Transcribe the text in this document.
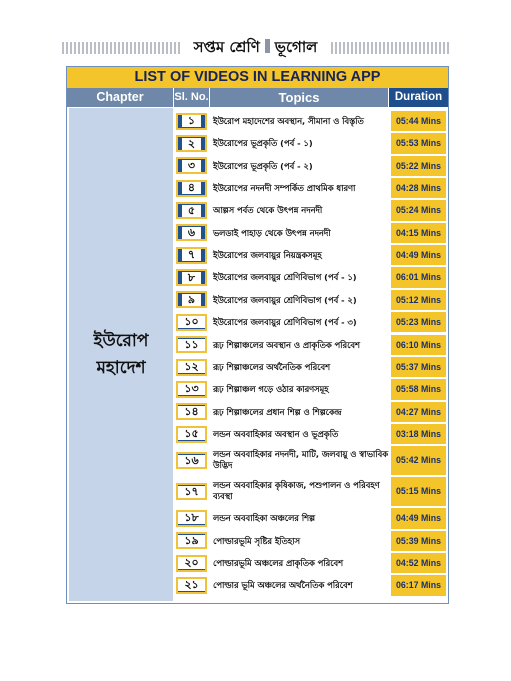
সপ্তম শ্রেণি ভূগোল
LIST OF VIDEOS IN LEARNING APP
Chapter	Sl. No.	Topics	Duration
ইউরোপ
মহাদেশ
১	ইউরোপ মহাদেশের অবস্থান, সীমানা ও বিস্তৃতি	05:44 Mins
২	ইউরোপের ভূপ্রকৃতি (পর্ব - ১)	05:53 Mins
৩	ইউরোপের ভূপ্রকৃতি (পর্ব - ২)	05:22 Mins
৪	ইউরোপের নদনদী সম্পর্কিত প্রাথমিক ধারণা	04:28 Mins
৫	আল্পস পর্বত থেকে উৎপন্ন নদনদী	05:24 Mins
৬	ভলডাই পাহাড় থেকে উৎপন্ন নদনদী	04:15 Mins
৭	ইউরোপের জলবায়ুর নিয়ন্ত্রকসমূহ	04:49 Mins
৮	ইউরোপের জলবায়ুর শ্রেণিবিভাগ (পর্ব - ১)	06:01 Mins
৯	ইউরোপের জলবায়ুর শ্রেণিবিভাগ (পর্ব - ২)	05:12 Mins
১০	ইউরোপের জলবায়ুর শ্রেণিবিভাগ (পর্ব - ৩)	05:23 Mins
১১	রূঢ় শিল্পাঞ্চলের অবস্থান ও প্রাকৃতিক পরিবেশ	06:10 Mins
১২	রূঢ় শিল্পাঞ্চলের অর্থনৈতিক পরিবেশ	05:37 Mins
১৩	রূঢ় শিল্পাঞ্চল গড়ে ওঠার কারণসমূহ	05:58 Mins
১৪	রূঢ় শিল্পাঞ্চলের প্রধান শিল্প ও শিল্পকেন্দ্র	04:27 Mins
১৫	লন্ডন অববাহিকার অবস্থান ও ভূপ্রকৃতি	03:18 Mins
১৬	লন্ডন অববাহিকার নদনদী, মাটি, জলবায়ু ও স্বাভাবিক উদ্ভিদ	05:42 Mins
১৭	লন্ডন অববাহিকার কৃষিকাজ, পশুপালন ও পরিবহণ ব্যবস্থা	05:15 Mins
১৮	লন্ডন অববাহিকা অঞ্চলের শিল্প	04:49 Mins
১৯	পোল্ডারভূমি সৃষ্টির ইতিহাস	05:39 Mins
২০	পোল্ডারভূমি অঞ্চলের প্রাকৃতিক পরিবেশ	04:52 Mins
২১	পোল্ডার ভূমি অঞ্চলের অর্থনৈতিক পরিবেশ	06:17 Mins
